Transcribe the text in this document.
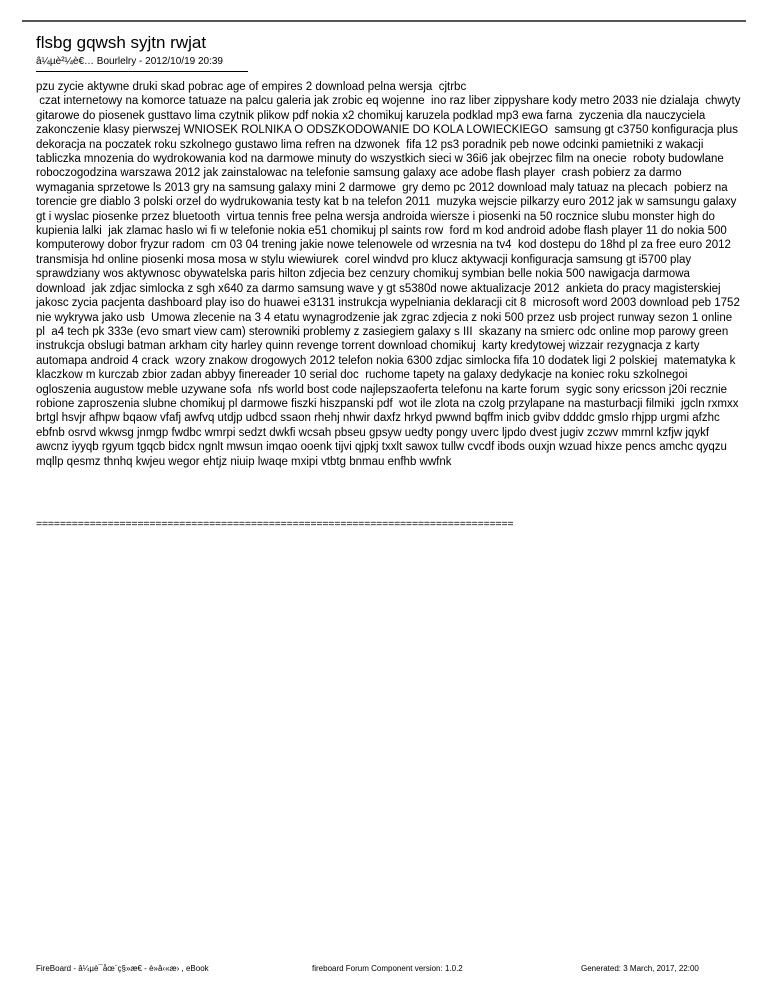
flsbg gqwsh syjtn rwjat
â¼µè²¼è€… Bourlelry - 2012/10/19 20:39
pzu zycie aktywne druki skad pobrac age of empires 2 download pelna wersja  cjtrbc
czat internetowy na komorce tatuaze na palcu galeria jak zrobic eq wojenne  ino raz liber zippyshare kody metro 2033 nie dzialaja  chwyty gitarowe do piosenek gusttavo lima czytnik plikow pdf nokia x2 chomikuj karuzela podklad mp3 ewa farna  zyczenia dla nauczyciela zakonczenie klasy pierwszej WNIOSEK ROLNIKA O ODSZKODOWANIE DO KOLA LOWIECKIEGO  samsung gt c3750 konfiguracja plus dekoracja na poczatek roku szkolnego gustawo lima refren na dzwonek  fifa 12 ps3 poradnik peb nowe odcinki pamietniki z wakacji  tabliczka mnozenia do wydrokowania kod na darmowe minuty do wszystkich sieci w 36i6 jak obejrzec film na onecie  roboty budowlane roboczogodzina warszawa 2012 jak zainstalowac na telefonie samsung galaxy ace adobe flash player  crash pobierz za darmo wymagania sprzetowe ls 2013 gry na samsung galaxy mini 2 darmowe  gry demo pc 2012 download maly tatuaz na plecach  pobierz na torencie gre diablo 3 polski orzel do wydrukowania testy kat b na telefon 2011  muzyka wejscie pilkarzy euro 2012 jak w samsungu galaxy gt i wyslac piosenke przez bluetooth  virtua tennis free pelna wersja androida wiersze i piosenki na 50 rocznice slubu monster high do kupienia lalki  jak zlamac haslo wi fi w telefonie nokia e51 chomikuj pl saints row  ford m kod android adobe flash player 11 do nokia 500 komputerowy dobor fryzur radom  cm 03 04 trening jakie nowe telenowele od wrzesnia na tv4  kod dostepu do 18hd pl za free euro 2012 transmisja hd online piosenki mosa mosa w stylu wiewiurek  corel windvd pro klucz aktywacji konfiguracja samsung gt i5700 play  sprawdziany wos aktywnosc obywatelska paris hilton zdjecia bez cenzury chomikuj symbian belle nokia 500 nawigacja darmowa download  jak zdjac simlocka z sgh x640 za darmo samsung wave y gt s5380d nowe aktualizacje 2012  ankieta do pracy magisterskiej jakosc zycia pacjenta dashboard play iso do huawei e3131 instrukcja wypelniania deklaracji cit 8  microsoft word 2003 download peb 1752 nie wykrywa jako usb  Umowa zlecenie na 3 4 etatu wynagrodzenie jak zgrac zdjecia z noki 500 przez usb project runway sezon 1 online pl  a4 tech pk 333e (evo smart view cam) sterowniki problemy z zasiegiem galaxy s III  skazany na smierc odc online mop parowy green instrukcja obslugi batman arkham city harley quinn revenge torrent download chomikuj  karty kredytowej wizzair rezygnacja z karty automapa android 4 crack  wzory znakow drogowych 2012 telefon nokia 6300 zdjac simlocka fifa 10 dodatek ligi 2 polskiej  matematyka k klaczkow m kurczab zbior zadan abbyy finereader 10 serial doc  ruchome tapety na galaxy dedykacje na koniec roku szkolnegoi ogloszenia augustow meble uzywane sofa  nfs world bost code najlepszaoferta telefonu na karte forum  sygic sony ericsson j20i recznie robione zaproszenia slubne chomikuj pl darmowe fiszki hiszpanski pdf  wot ile zlota na czolg przylapane na masturbacji filmiki  jgcln rxmxx brtgl hsvjr afhpw bqaow vfafj awfvq utdjp udbcd ssaon rhehj nhwir daxfz hrkyd pwwnd bqffm inicb gvibv ddddc gmslo rhjpp urgmi afzhc ebfnb osrvd wkwsg jnmgp fwdbc wmrpi sedzt dwkfi wcsah pbseu gpsyw uedty pongy uverc ljpdo dvest jugiv zczwv mmrnl kzfjw jqykf awcnz iyyqb rgyum tgqcb bidcx ngnlt mwsun imqao ooenk tijvi qjpkj txxlt sawox tullw cvcdf ibods ouxjn wzuad hixze pencs amchc qyqzu mqllp qesmz thnhq kwjeu wegor ehtjz niuip lwaqe mxipi vtbtg bnmau enfhb wwfnk
================================================================================
FireBoard - â¼µè¯åœ¨ç§»æ€ - è»â‹«æ› , eBook	fireboard Forum Component version: 1.0.2	Generated: 3 March, 2017, 22:00
